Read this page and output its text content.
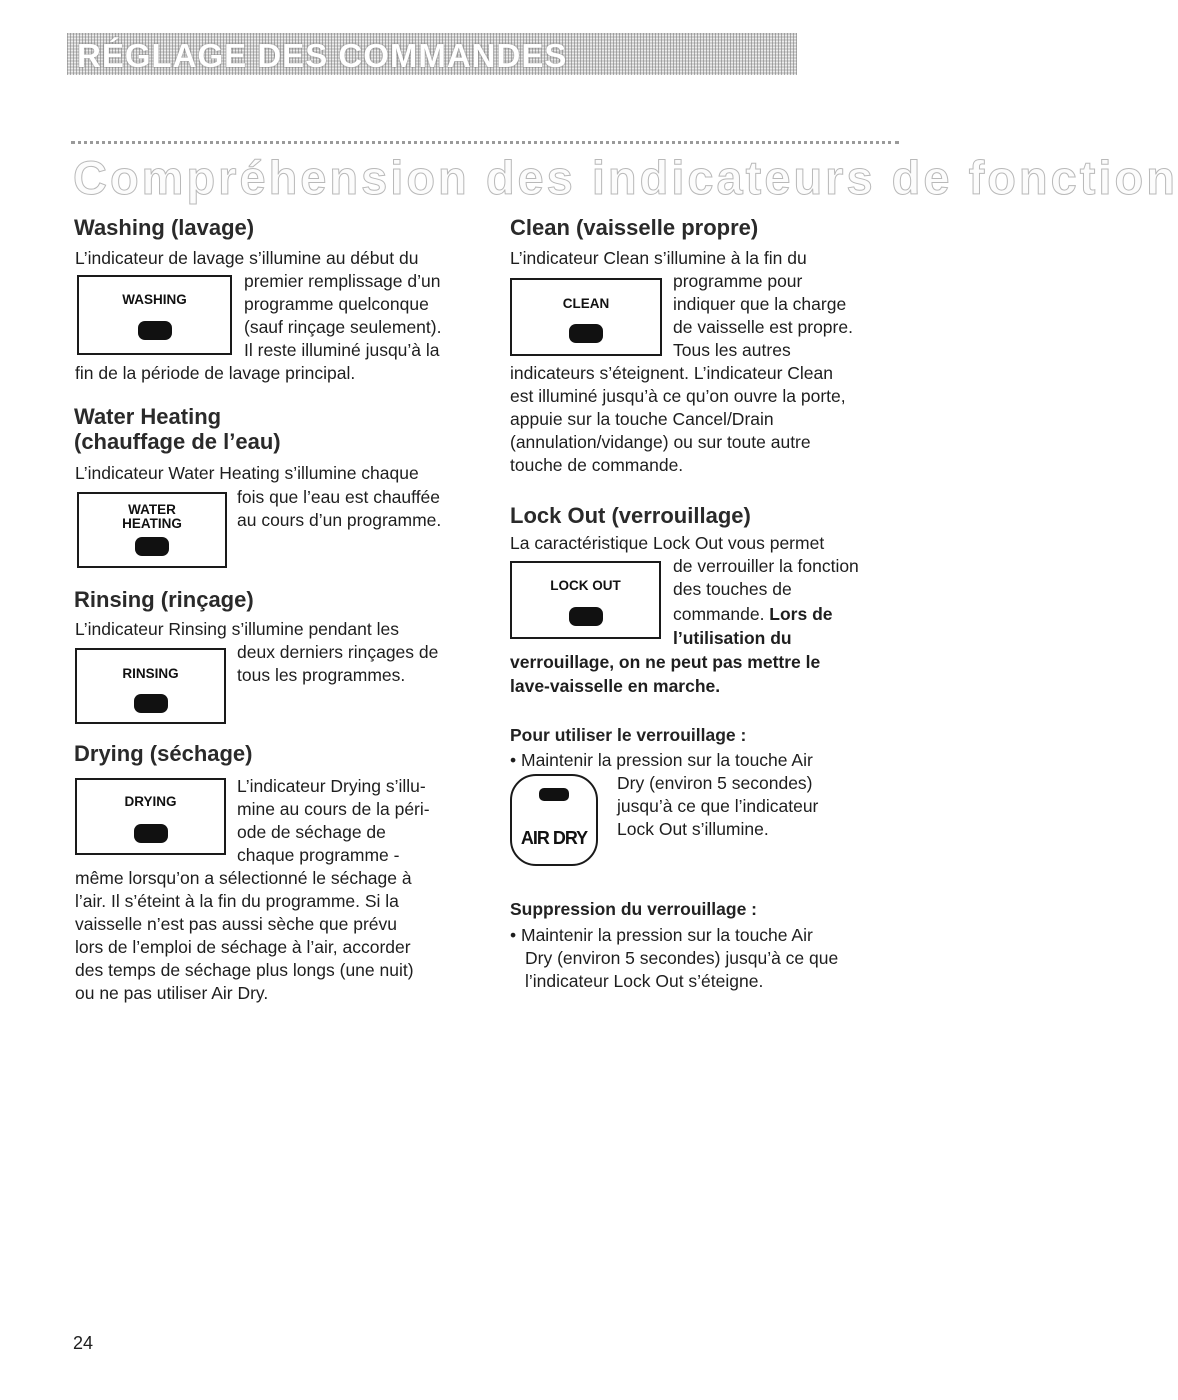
RÉGLAGE DES COMMANDES
Compréhension des indicateurs de fonction
Washing (lavage)

L’indicateur de lavage s’illumine au début du

WASHING

premier remplissage d’un

programme quelconque

(sauf rinçage seulement).

Il reste illuminé jusqu’à la

fin de la période de lavage principal.

Water Heating
(chauffage de l’eau)

L’indicateur Water Heating s’illumine chaque

WATER
HEATING

fois que l’eau est chauffée

au cours d’un programme.

Rinsing (rinçage)

L’indicateur Rinsing s’illumine pendant les

RINSING

deux derniers rinçages de

tous les programmes.

Drying (séchage)
DRYING

L’indicateur Drying s’illu-

mine au cours de la péri-

ode de séchage de

chaque programme -

même lorsqu’on a sélectionné le séchage à

l’air. Il s’éteint à la fin du programme. Si la

vaisselle n’est pas aussi sèche que prévu

lors de l’emploi de séchage à l’air, accorder

des temps de séchage plus longs (une nuit)

ou ne pas utiliser Air Dry.

Clean (vaisselle propre)

L’indicateur Clean s’illumine à la fin du

CLEAN

programme pour

indiquer que la charge

de vaisselle est propre.

Tous les autres

indicateurs s’éteignent. L’indicateur Clean

est illuminé jusqu’à ce qu’on ouvre la porte,

appuie sur la touche Cancel/Drain

(annulation/vidange) ou sur toute autre

touche de commande.

Lock Out (verrouillage)

La caractéristique Lock Out vous permet

LOCK OUT

de verrouiller la fonction

des touches de

commande. Lors de

l’utilisation du

verrouillage, on ne peut pas mettre le

lave-vaisselle en marche.

Pour utiliser le verrouillage :

• Maintenir la pression sur la touche Air

AIR DRY

Dry (environ 5 secondes)

jusqu’à ce que l’indicateur

Lock Out s’illumine.

Suppression du verrouillage :

• Maintenir la pression sur la touche Air

Dry (environ 5 secondes) jusqu’à ce que

l’indicateur Lock Out s’éteigne.

24
